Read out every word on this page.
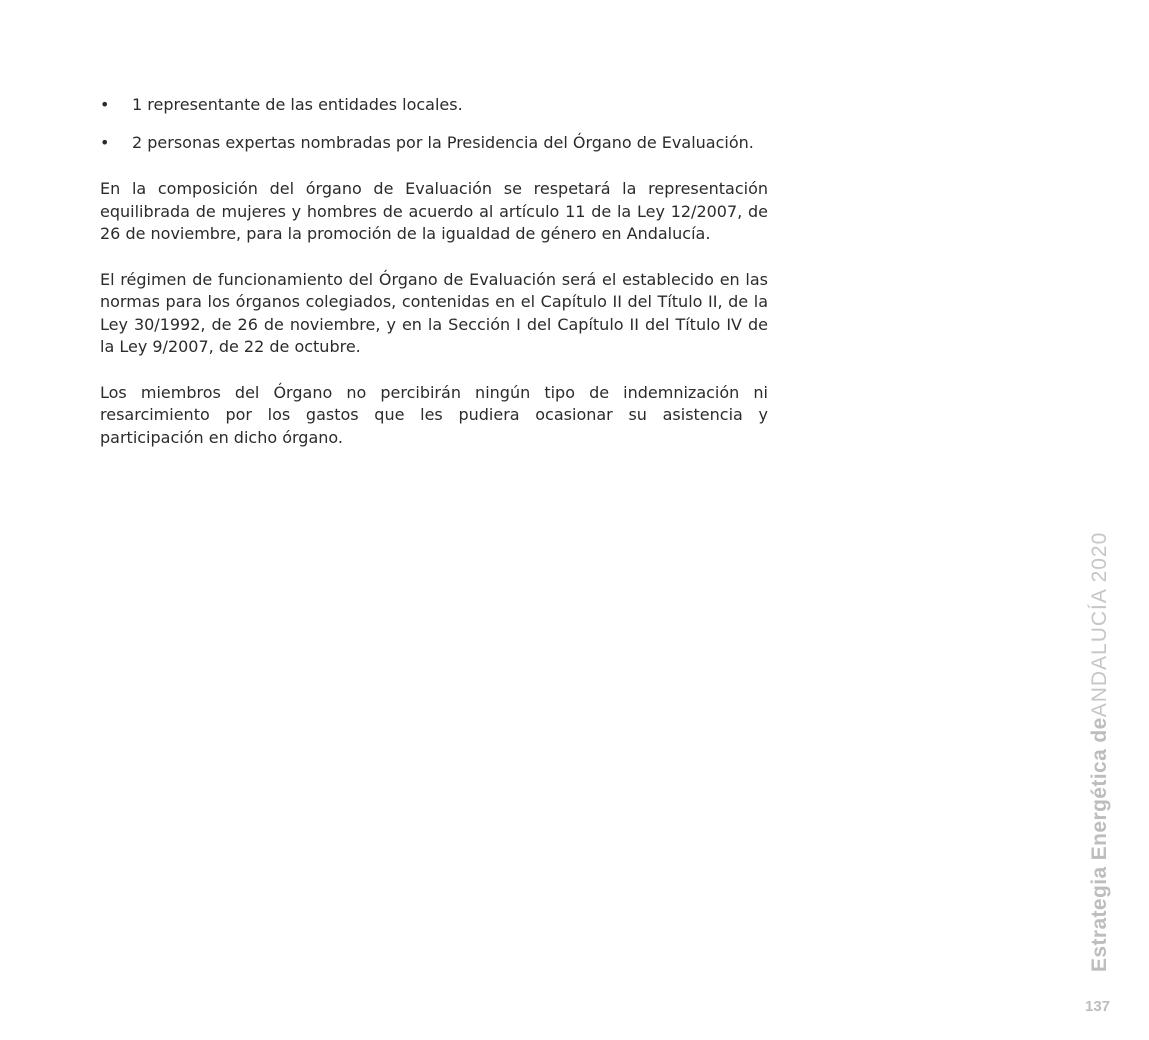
• 1 representante de las entidades locales.
• 2 personas expertas nombradas por la Presidencia del Órgano de Evaluación.

En la composición del órgano de Evaluación se respetará la representación equilibrada de mujeres y hombres de acuerdo al artículo 11 de la Ley 12/2007, de 26 de noviembre, para la promoción de la igualdad de género en Andalucía.

El régimen de funcionamiento del Órgano de Evaluación será el establecido en las normas para los órganos colegiados, contenidas en el Capítulo II del Título II, de la Ley 30/1992, de 26 de noviembre, y en la Sección I del Capítulo II del Título IV de la Ley 9/2007, de 22 de octubre.

Los miembros del Órgano no percibirán ningún tipo de indemnización ni resarcimiento por los gastos que les pudiera ocasionar su asistencia y participación en dicho órgano.

Estrategia Energética deANDALUCÍA 2020
137
